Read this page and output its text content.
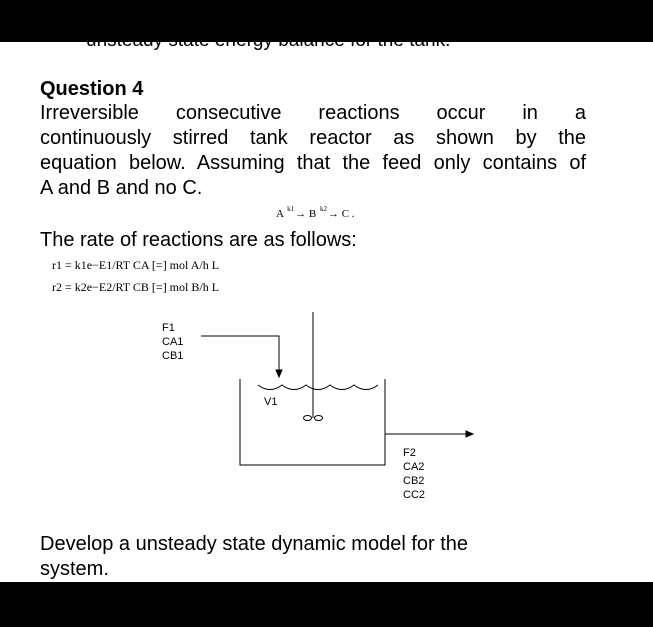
unsteady state energy balance for the tank.
Question 4
Irreversible consecutive reactions occur in a
continuously stirred tank reactor as shown by the
equation below. Assuming that the feed only contains of
A and B and no C.
A $^{k1}$→ B $^{k2}$→ C .
The rate of reactions are as follows:
r1 = k1e−E1/RT CA [=] mol A/h L
r2 = k2e−E2/RT CB [=] mol B/h L
F1
CA1
CB1
V1
F2
CA2
CB2
CC2
Develop a unsteady state dynamic model for the
system.
